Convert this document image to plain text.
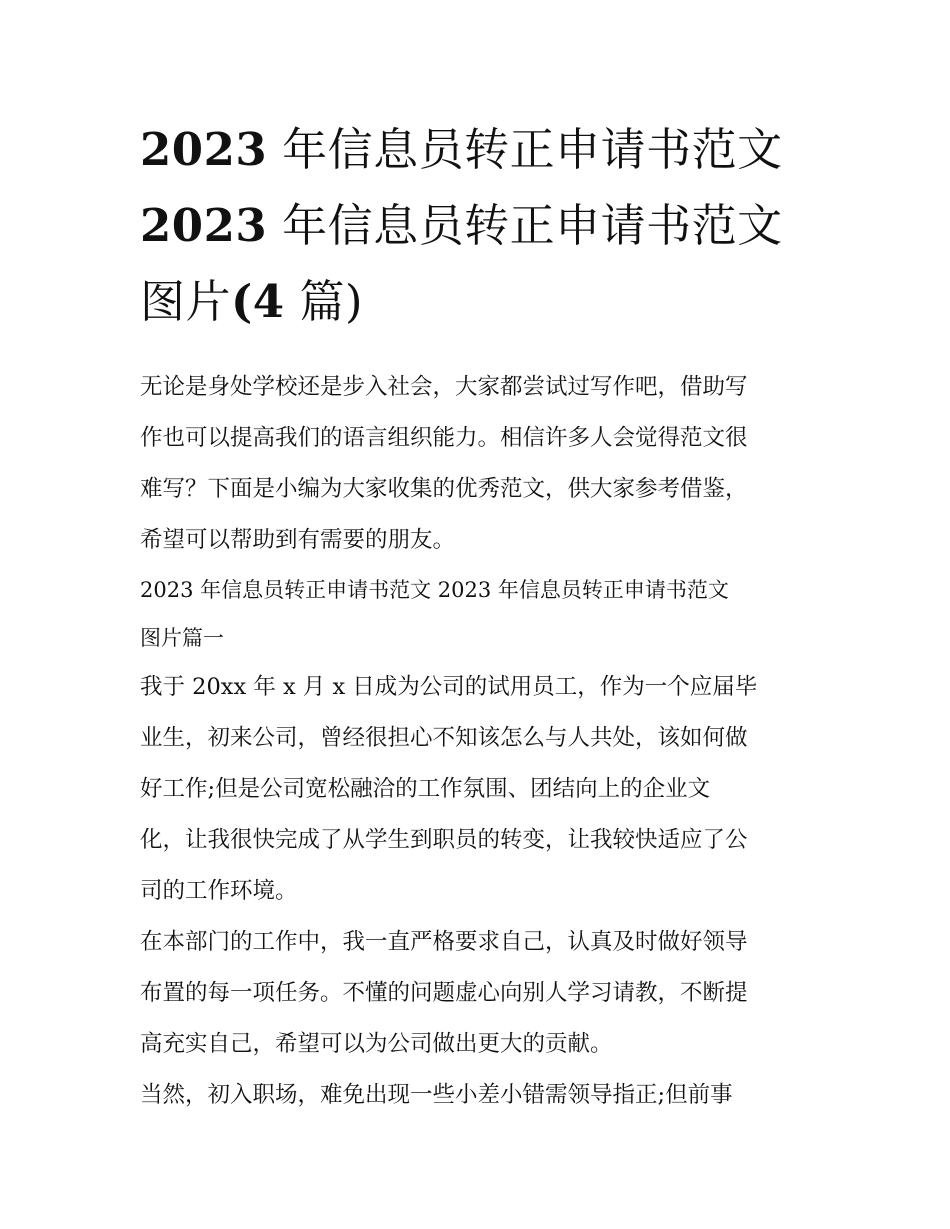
2023 年信息员转正申请书范文
2023 年信息员转正申请书范文
图片(4 篇)

无论是身处学校还是步入社会，大家都尝试过写作吧，借助写
作也可以提高我们的语言组织能力。相信许多人会觉得范文很
难写？下面是小编为大家收集的优秀范文，供大家参考借鉴，
希望可以帮助到有需要的朋友。

2023 年信息员转正申请书范文 2023 年信息员转正申请书范文
图片篇一

我于 20xx 年 x 月 x 日成为公司的试用员工，作为一个应届毕
业生，初来公司，曾经很担心不知该怎么与人共处，该如何做
好工作;但是公司宽松融洽的工作氛围、团结向上的企业文
化，让我很快完成了从学生到职员的转变，让我较快适应了公
司的工作环境。

在本部门的工作中，我一直严格要求自己，认真及时做好领导
布置的每一项任务。不懂的问题虚心向别人学习请教，不断提
高充实自己，希望可以为公司做出更大的贡献。

当然，初入职场，难免出现一些小差小错需领导指正;但前事
